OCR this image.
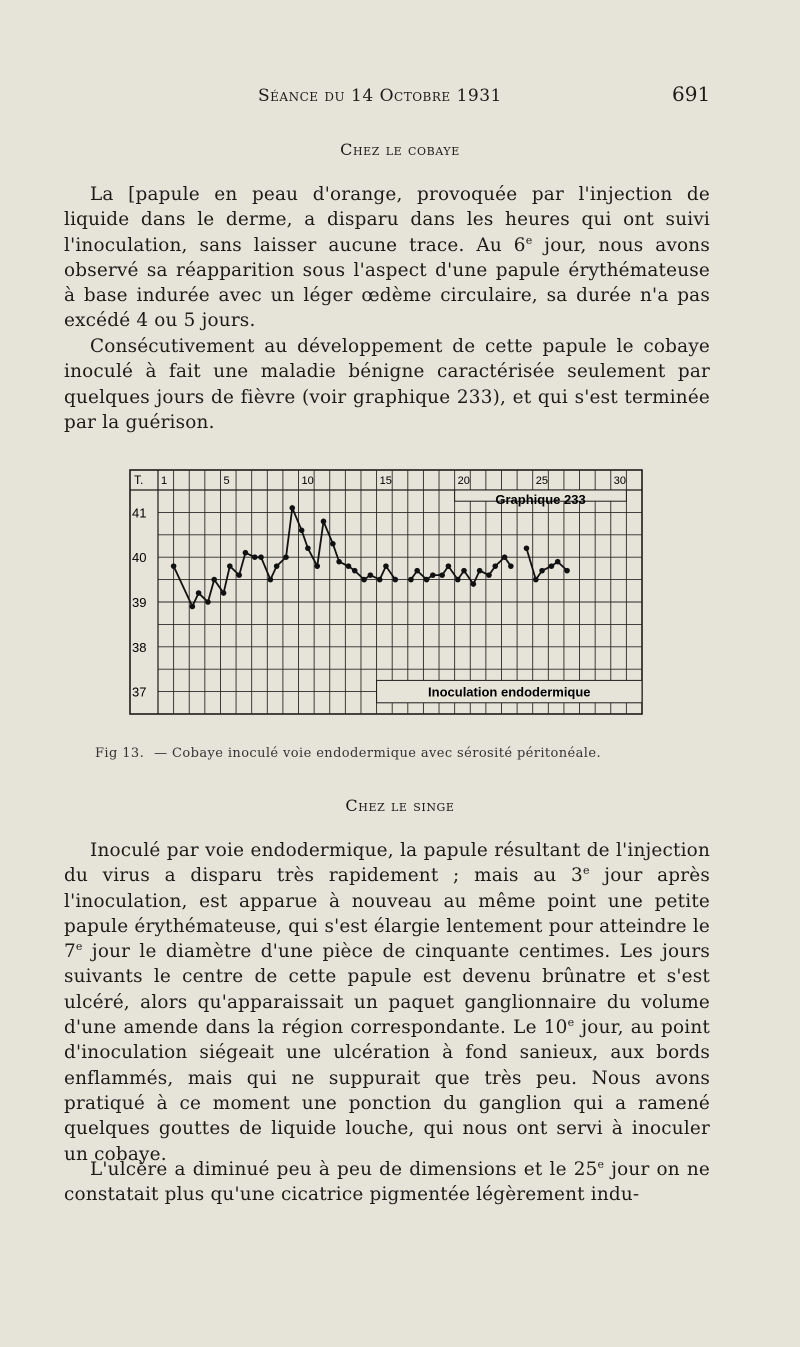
Séance du 14 Octobre 1931	691
Chez le cobaye

La [papule en peau d'orange, provoquée par l'injection de liquide dans le derme, a disparu dans les heures qui ont suivi l'inoculation, sans laisser aucune trace. Au 6e jour, nous avons observé sa réapparition sous l'aspect d'une papule érythémateuse à base indurée avec un léger œdème circulaire, sa durée n'a pas excédé 4 ou 5 jours.

Consécutivement au développement de cette papule le cobaye inoculé à fait une maladie bénigne caractérisée seulement par quelques jours de fièvre (voir graphique 233), et qui s'est terminée par la guérison.

T. 1	5	10	15	20	25	30
41
40
39
38
37
Graphique 233
Inoculation endodermique
Fig 13. — Cobaye inoculé voie endodermique avec sérosité péritonéale.
Chez le singe

Inoculé par voie endodermique, la papule résultant de l'injection du virus a disparu très rapidement ; mais au 3e jour après l'inoculation, est apparue à nouveau au même point une petite papule érythémateuse, qui s'est élargie lentement pour atteindre le 7e jour le diamètre d'une pièce de cinquante centimes. Les jours suivants le centre de cette papule est devenu brûnatre et s'est ulcéré, alors qu'apparaissait un paquet ganglionnaire du volume d'une amende dans la région correspondante. Le 10e jour, au point d'inoculation siégeait une ulcération à fond sanieux, aux bords enflammés, mais qui ne suppurait que très peu. Nous avons pratiqué à ce moment une ponction du ganglion qui a ramené quelques gouttes de liquide louche, qui nous ont servi à inoculer un cobaye.

L'ulcère a diminué peu à peu de dimensions et le 25e jour on ne constatait plus qu'une cicatrice pigmentée légèrement indu-
